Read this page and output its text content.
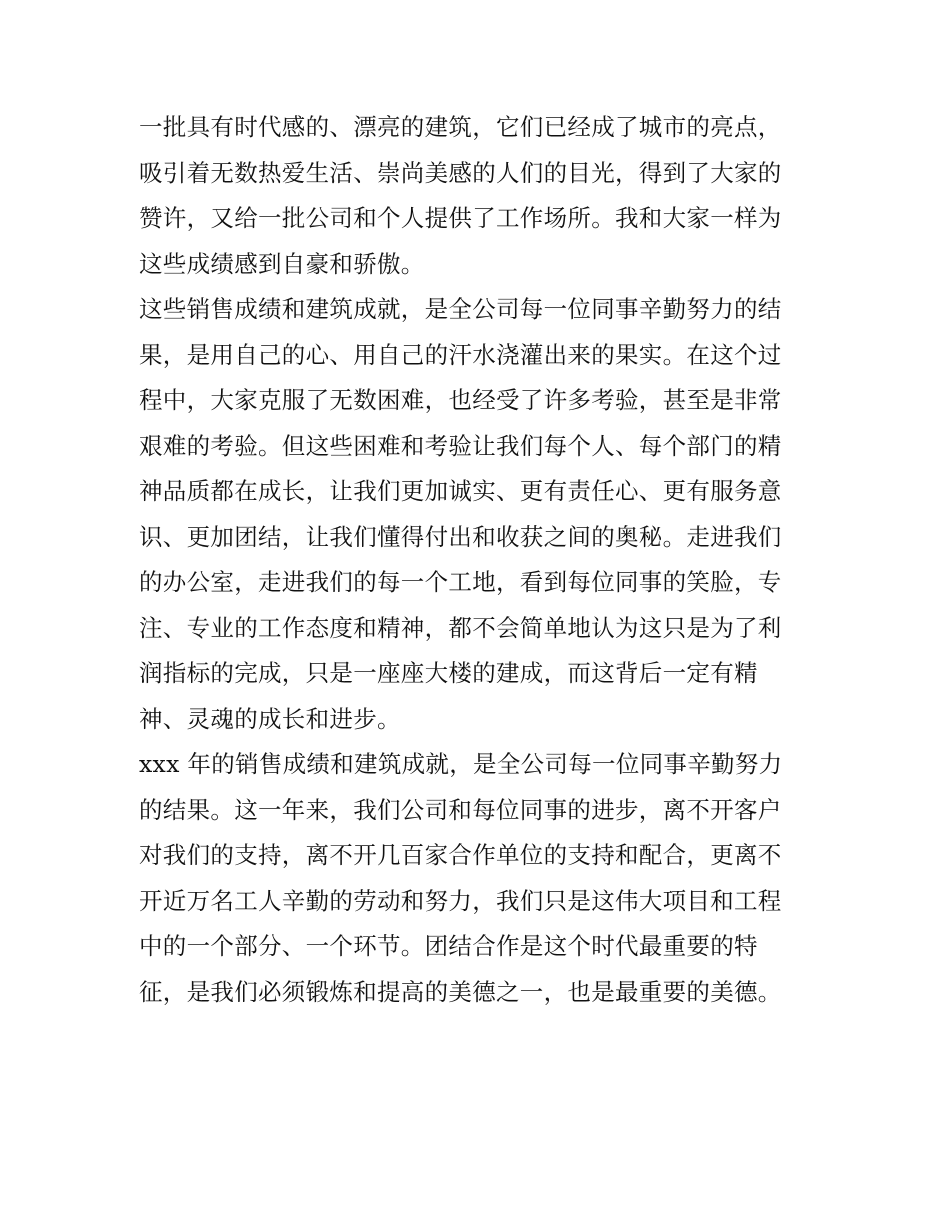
一批具有时代感的、漂亮的建筑，它们已经成了城市的亮点，
吸引着无数热爱生活、崇尚美感的人们的目光，得到了大家的
赞许，又给一批公司和个人提供了工作场所。我和大家一样为
这些成绩感到自豪和骄傲。
这些销售成绩和建筑成就，是全公司每一位同事辛勤努力的结
果，是用自己的心、用自己的汗水浇灌出来的果实。在这个过
程中，大家克服了无数困难，也经受了许多考验，甚至是非常
艰难的考验。但这些困难和考验让我们每个人、每个部门的精
神品质都在成长，让我们更加诚实、更有责任心、更有服务意
识、更加团结，让我们懂得付出和收获之间的奥秘。走进我们
的办公室，走进我们的每一个工地，看到每位同事的笑脸，专
注、专业的工作态度和精神，都不会简单地认为这只是为了利
润指标的完成，只是一座座大楼的建成，而这背后一定有精
神、灵魂的成长和进步。
xxx 年的销售成绩和建筑成就，是全公司每一位同事辛勤努力
的结果。这一年来，我们公司和每位同事的进步，离不开客户
对我们的支持，离不开几百家合作单位的支持和配合，更离不
开近万名工人辛勤的劳动和努力，我们只是这伟大项目和工程
中的一个部分、一个环节。团结合作是这个时代最重要的特
征，是我们必须锻炼和提高的美德之一，也是最重要的美德。
